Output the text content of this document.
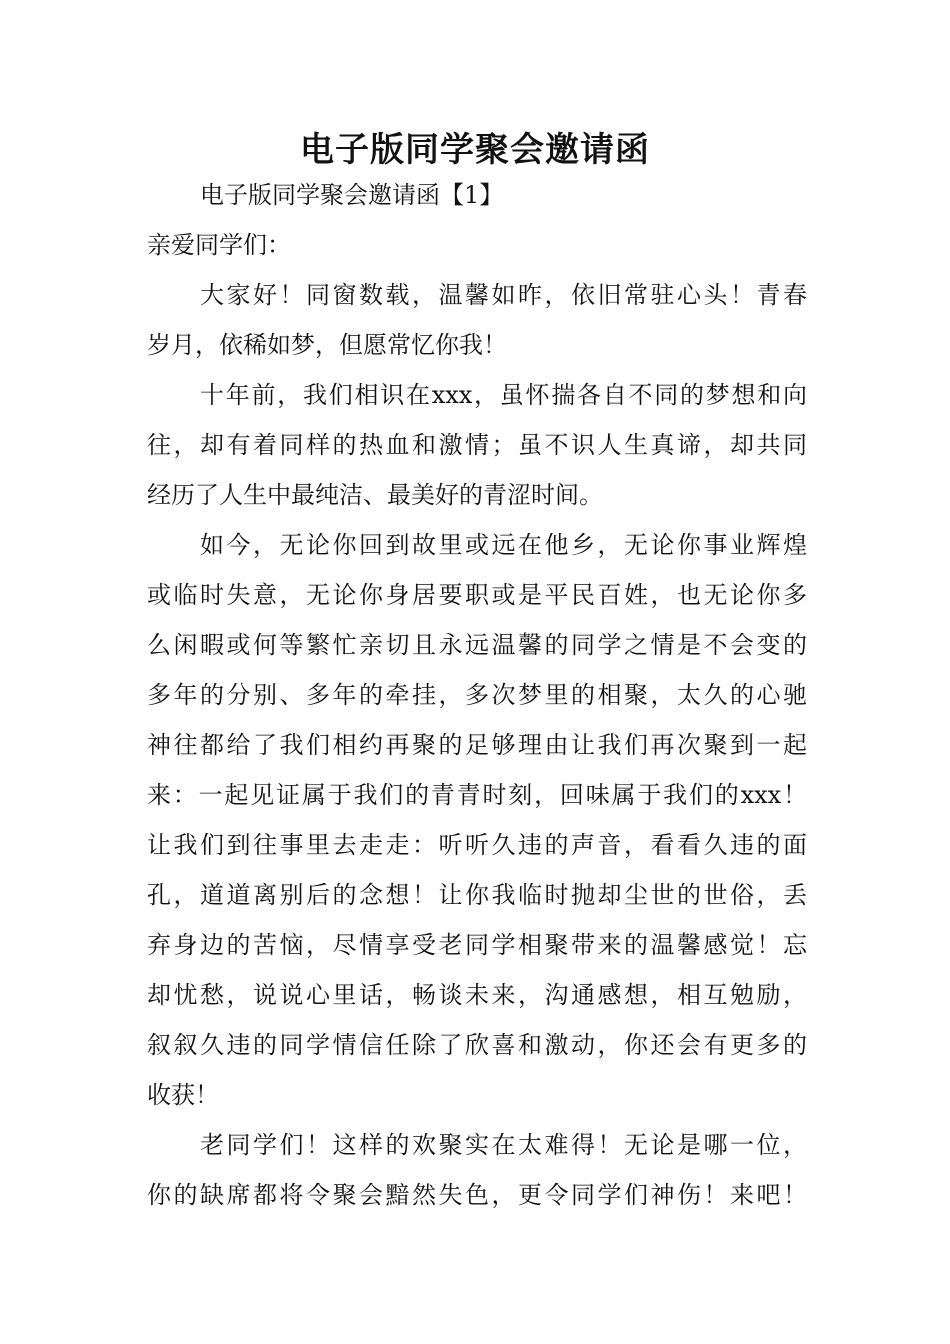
电子版同学聚会邀请函
电子版同学聚会邀请函【1】
亲爱同学们：
大家好！同窗数载，温馨如昨，依旧常驻心头！青春
岁月，依稀如梦，但愿常忆你我！
十年前，我们相识在xxx，虽怀揣各自不同的梦想和向
往，却有着同样的热血和激情；虽不识人生真谛，却共同
经历了人生中最纯洁、最美好的青涩时间。
如今，无论你回到故里或远在他乡，无论你事业辉煌
或临时失意，无论你身居要职或是平民百姓，也无论你多
么闲暇或何等繁忙亲切且永远温馨的同学之情是不会变的
多年的分别、多年的牵挂，多次梦里的相聚，太久的心驰
神往都给了我们相约再聚的足够理由让我们再次聚到一起
来：一起见证属于我们的青青时刻，回味属于我们的xxx！
让我们到往事里去走走：听听久违的声音，看看久违的面
孔，道道离别后的念想！让你我临时抛却尘世的世俗，丢
弃身边的苦恼，尽情享受老同学相聚带来的温馨感觉！忘
却忧愁，说说心里话，畅谈未来，沟通感想，相互勉励，
叙叙久违的同学情信任除了欣喜和激动，你还会有更多的
收获！
老同学们！这样的欢聚实在太难得！无论是哪一位，
你的缺席都将令聚会黯然失色，更令同学们神伤！来吧！
